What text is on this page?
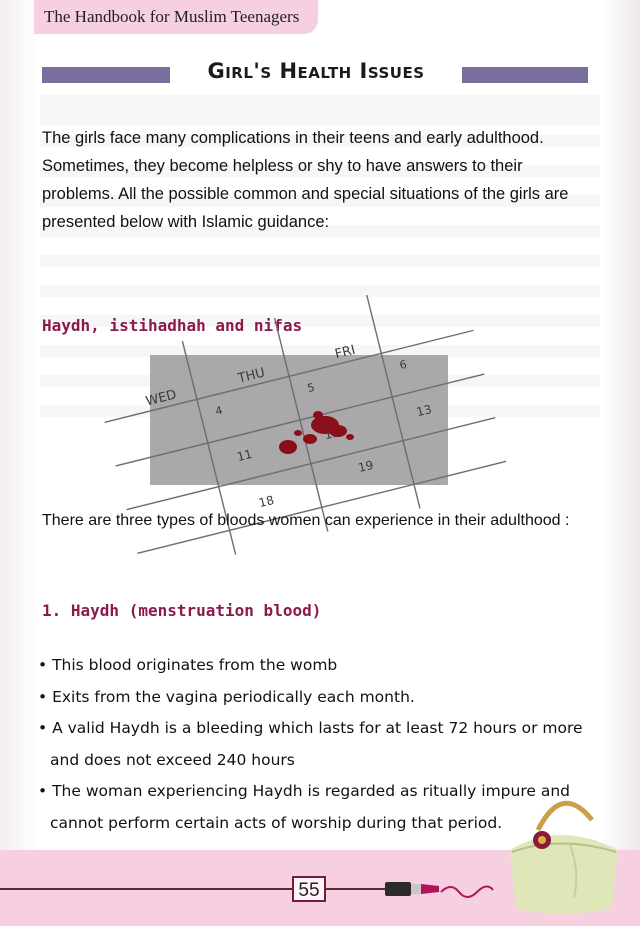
The Handbook for Muslim Teenagers
Girl's Health Issues
The girls face many complications in their teens and early adulthood. Sometimes, they become helpless or shy to have answers to their problems. All the possible common and special situations of the girls are presented below with Islamic guidance:
Haydh, istihadhah and nifas
WED
THU
FRI
4
5
6
11
13
18
19
There are three types of bloods women can experience in their adulthood :
1. Haydh (menstruation blood)
• This blood originates from the womb
• Exits from the vagina periodically each month.
• A valid Haydh is a bleeding which lasts for at least 72 hours or more and does not exceed 240 hours
• The woman experiencing Haydh is regarded as ritually impure and cannot perform certain acts of worship during that period.
55
